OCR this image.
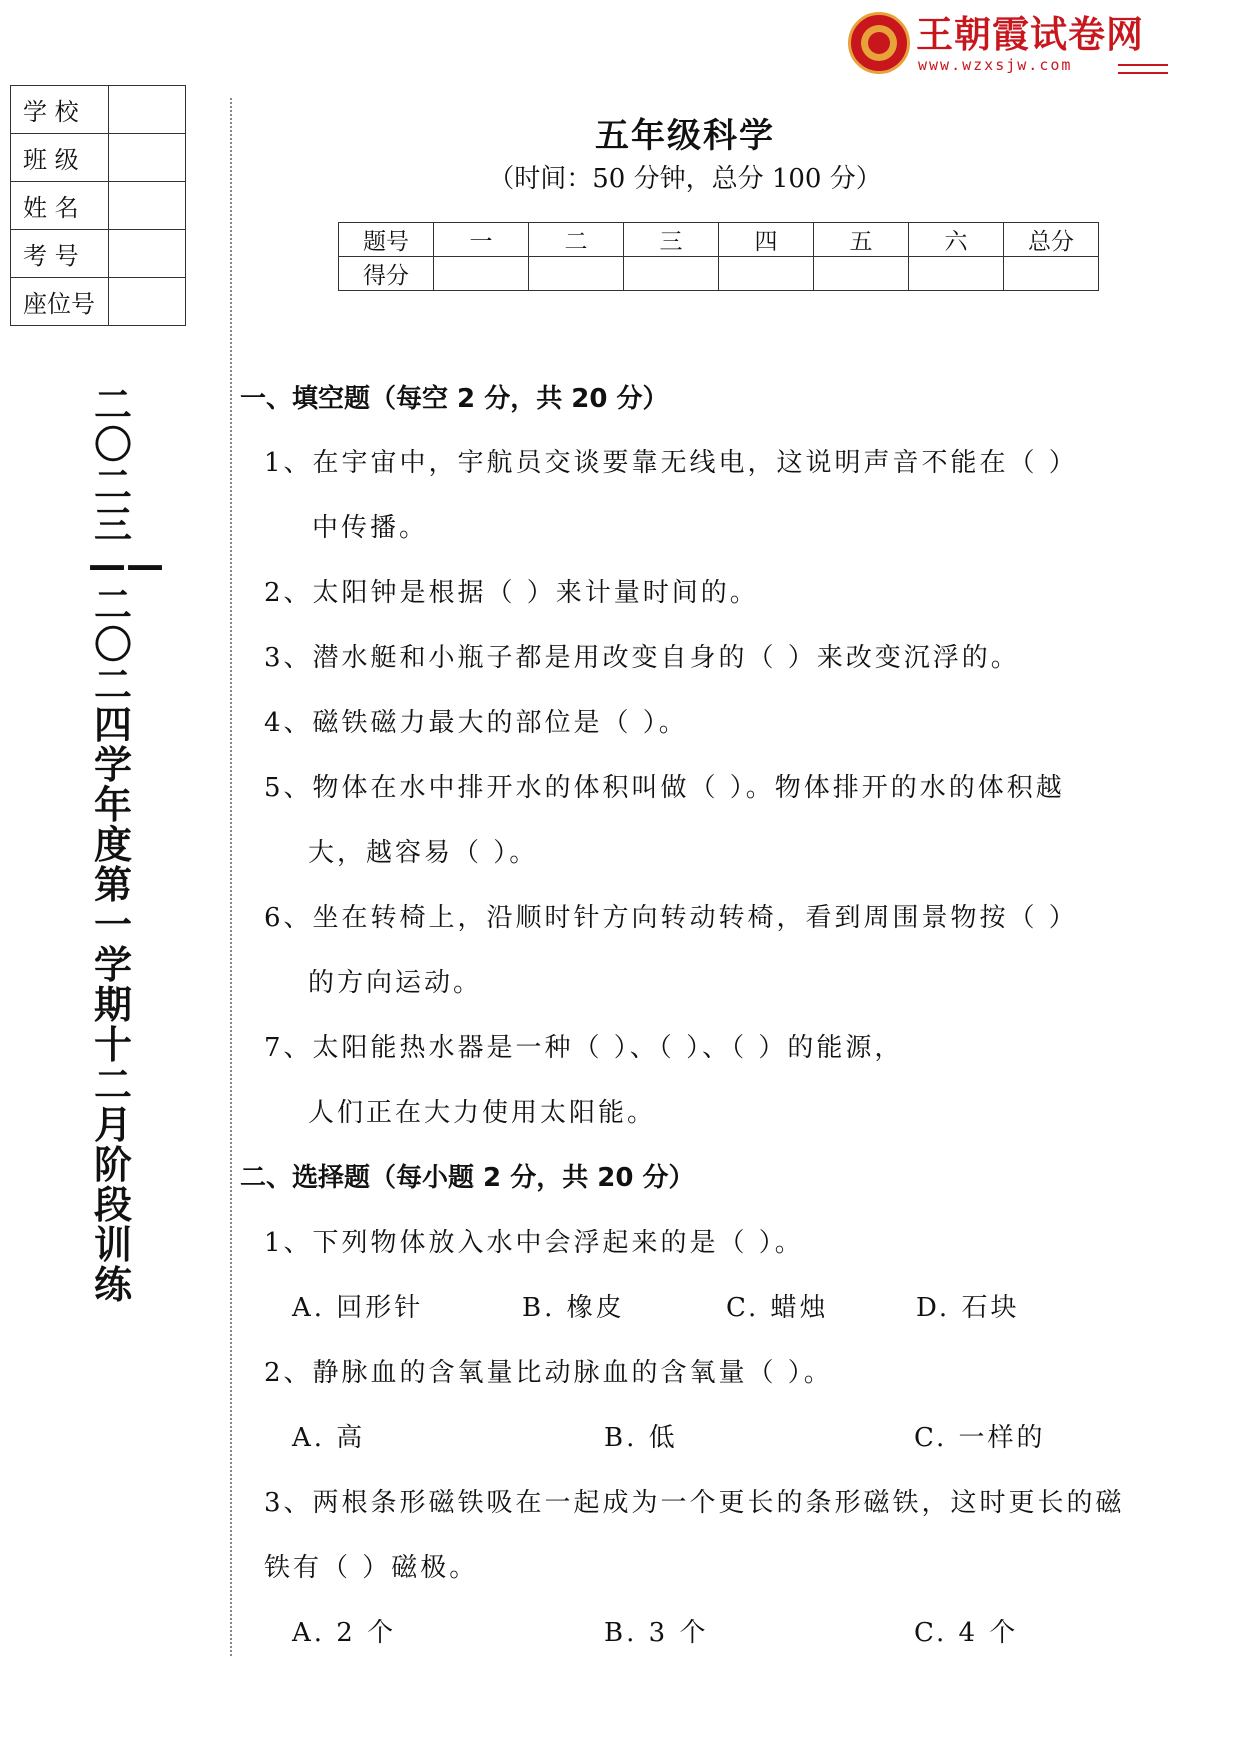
王朝霞试卷网
www.wzxsjw.com
学 校	
班 级	
姓 名	
考 号	
座位号	
二〇二三——二〇二四学年度第一学期十二月阶段训练
五年级科学
（时间：50 分钟，总分 100 分）
题号	一	二	三	四	五	六	总分
得分							
一、填空题（每空 2 分，共 20 分）
1、在宇宙中，宇航员交谈要靠无线电，这说明声音不能在（ ）
中传播。
2、太阳钟是根据（ ）来计量时间的。
3、潜水艇和小瓶子都是用改变自身的（ ）来改变沉浮的。
4、磁铁磁力最大的部位是（ ）。
5、物体在水中排开水的体积叫做（ ）。物体排开的水的体积越
大，越容易（ ）。
6、坐在转椅上，沿顺时针方向转动转椅，看到周围景物按（ ）
的方向运动。
7、太阳能热水器是一种（ ）、（ ）、（ ）的能源，
人们正在大力使用太阳能。
二、选择题（每小题 2 分，共 20 分）
1、下列物体放入水中会浮起来的是（ ）。
A. 回形针	B. 橡皮	C. 蜡烛	D. 石块
2、静脉血的含氧量比动脉血的含氧量（ ）。
A. 高	B. 低	C. 一样的
3、两根条形磁铁吸在一起成为一个更长的条形磁铁，这时更长的磁
铁有（ ）磁极。
A. 2 个	B. 3 个	C. 4 个
